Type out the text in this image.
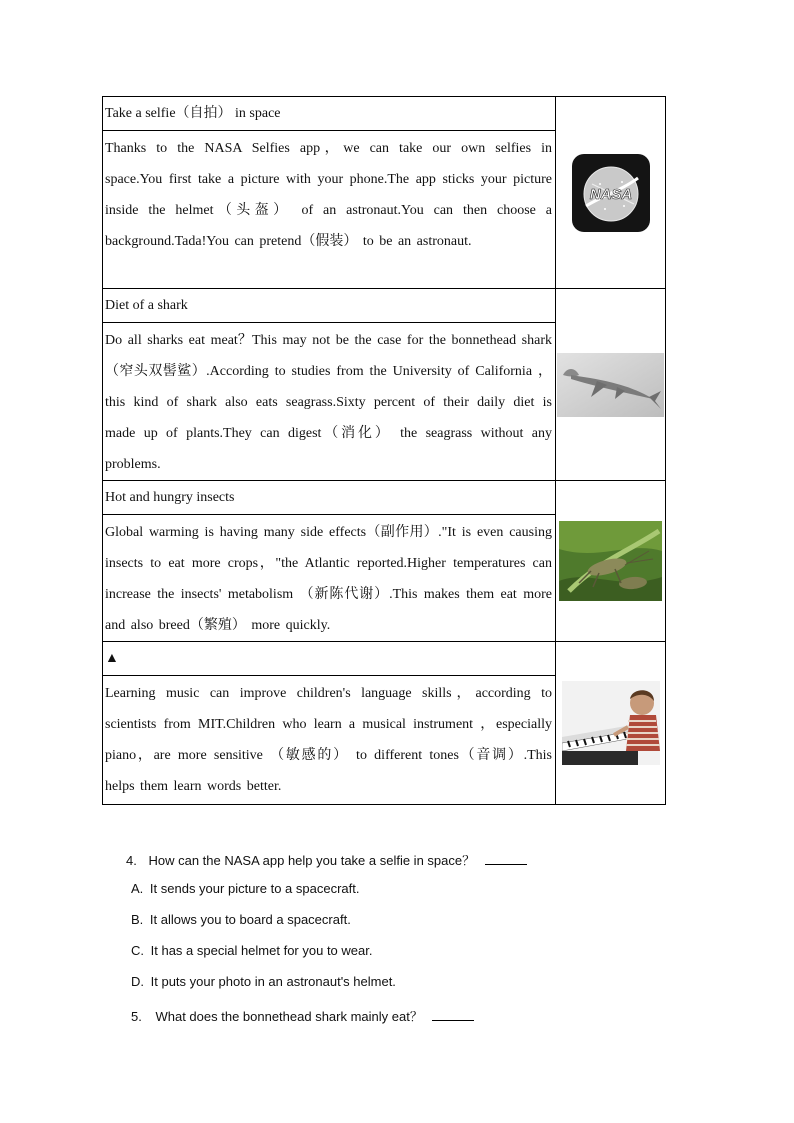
Take a selfie（自拍） in space	NASA

Thanks to the NASA Selfies app，we can take our own selfies in space.You first take a picture with your phone.The app sticks your picture inside the helmet（头盔） of an astronaut.You can then choose a background.Tada!You can pretend（假装） to be an astronaut.	
Diet of a shark	

Do all sharks eat meat？This may not be the case for the bonnethead shark（窄头双髻鲨）.According to studies from the University of California ，this kind of shark also eats seagrass.Sixty percent of their daily diet is made up of plants.They can digest（消化） the seagrass without any problems.	
Hot and hungry insects	

Global warming is having many side effects（副作用）."It is even causing insects to eat more crops，"the Atlantic reported.Higher temperatures can increase the insects' metabolism （新陈代谢）.This makes them eat more and also breed（繁殖） more quickly.	
▲	

Learning music can improve children's language skills，according to scientists from MIT.Children who learn a musical instrument ，especially piano，are more sensitive （敏感的） to different tones（音调）.This helps them learn words better.	
4. How can the NASA app help you take a selfie in space？
A. It sends your picture to a spacecraft.
B. It allows you to board a spacecraft.
C. It has a special helmet for you to wear.
D. It puts your photo in an astronaut's helmet.
5. What does the bonnethead shark mainly eat？
